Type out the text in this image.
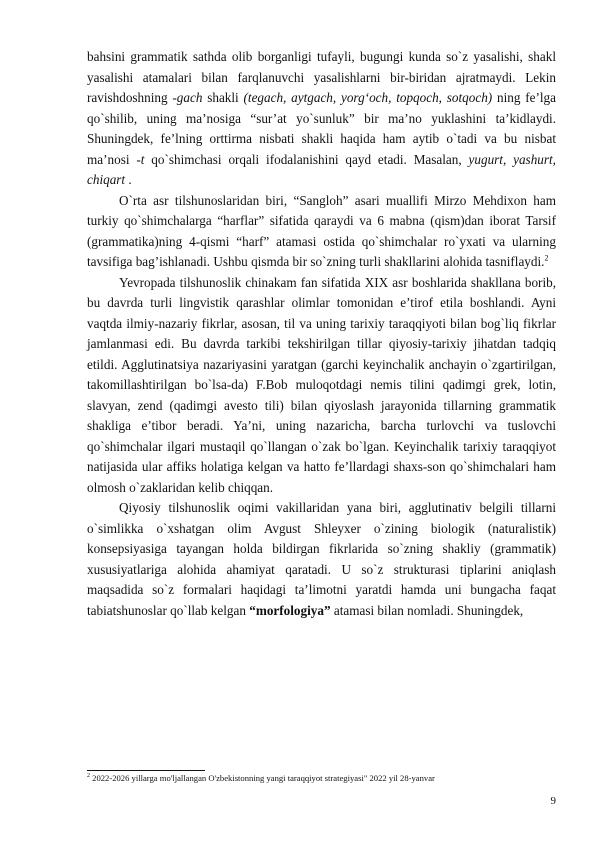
bahsini grammatik sathda olib borganligi tufayli, bugungi kunda so`z yasalishi, shakl yasalishi atamalari bilan farqlanuvchi yasalishlarni bir-biridan ajratmaydi. Lekin ravishdoshning -gach shakli (tegach, aytgach, yorg‘och, topqoch, sotqoch) ning fe’lga qo`shilib, uning ma’nosiga “sur’at yo`sunluk” bir ma’no yuklashini ta’kidlaydi. Shuningdek, fe’lning orttirma nisbati shakli haqida ham aytib o`tadi va bu nisbat ma’nosi -t qo`shimchasi orqali ifodalanishini qayd etadi. Masalan, yugurt, yashurt, chiqart .

O`rta asr tilshunoslaridan biri, “Sangloh” asari muallifi Mirzo Mehdixon ham turkiy qo`shimchalarga “harflar” sifatida qaraydi va 6 mabna (qism)dan iborat Tarsif (grammatika)ning 4-qismi “harf” atamasi ostida qo`shimchalar ro`yxati va ularning tavsifiga bag’ishlanadi. Ushbu qismda bir so`zning turli shakllarini alohida tasniflaydi.$^2$

Yevropada tilshunoslik chinakam fan sifatida XIX asr boshlarida shakllana borib, bu davrda turli lingvistik qarashlar olimlar tomonidan e’tirof etila boshlandi. Ayni vaqtda ilmiy-nazariy fikrlar, asosan, til va uning tarixiy taraqqiyoti bilan bog`liq fikrlar jamlanmasi edi. Bu davrda tarkibi tekshirilgan tillar qiyosiy-tarixiy jihatdan tadqiq etildi. Agglutinatsiya nazariyasini yaratgan (garchi keyinchalik anchayin o`zgartirilgan, takomillashtirilgan bo`lsa-da) F.Bob muloqotdagi nemis tilini qadimgi grek, lotin, slavyan, zend (qadimgi avesto tili) bilan qiyoslash jarayonida tillarning grammatik shakliga e’tibor beradi. Ya’ni, uning nazaricha, barcha turlovchi va tuslovchi qo`shimchalar ilgari mustaqil qo`llangan o`zak bo`lgan. Keyinchalik tarixiy taraqqiyot natijasida ular affiks holatiga kelgan va hatto fe’llardagi shaxs-son qo`shimchalari ham olmosh o`zaklaridan kelib chiqqan.

Qiyosiy tilshunoslik oqimi vakillaridan yana biri, agglutinativ belgili tillarni o`simlikka o`xshatgan olim Avgust Shleyxer o`zining biologik (naturalistik) konsepsiyasiga tayangan holda bildirgan fikrlarida so`zning shakliy (grammatik) xususiyatlariga alohida ahamiyat qaratadi. U so`z strukturasi tiplarini aniqlash maqsadida so`z formalari haqidagi ta’limotni yaratdi hamda uni bungacha faqat tabiatshunoslar qo`llab kelgan “morfologiya” atamasi bilan nomladi. Shuningdek,

$^2$ 2022-2026 yillarga mo'ljallangan O'zbekistonning yangi taraqqiyot strategiyasi" 2022 yil 28-yanvar
9
